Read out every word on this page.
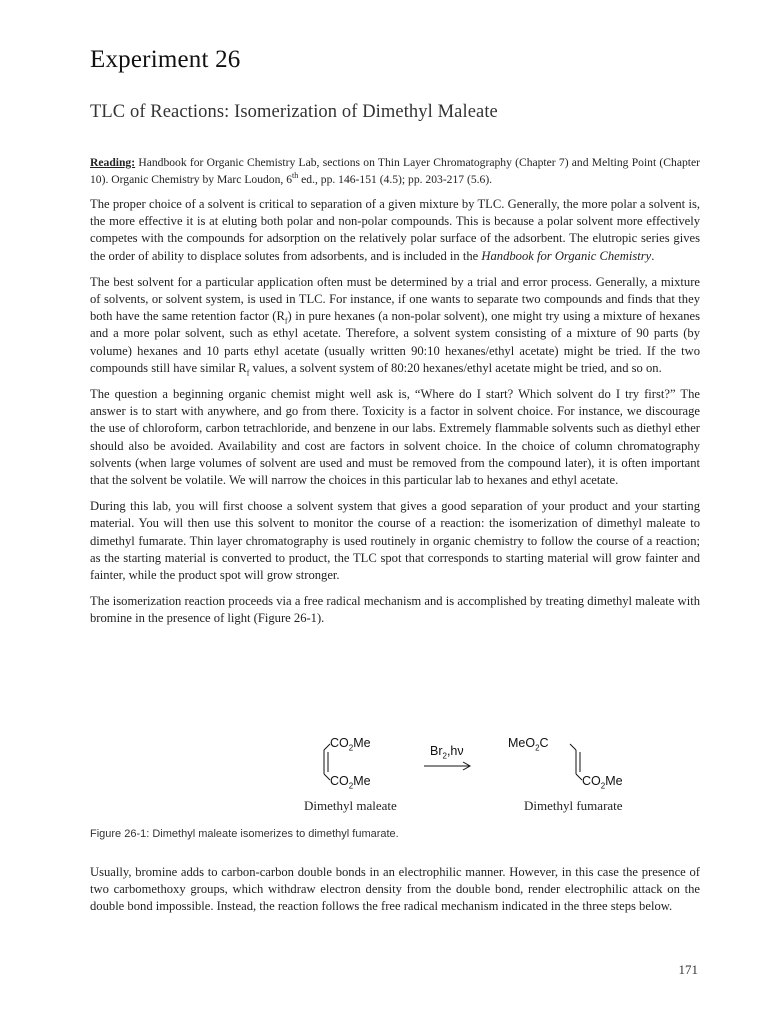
Experiment 26
TLC of Reactions: Isomerization of Dimethyl Maleate

Reading: Handbook for Organic Chemistry Lab, sections on Thin Layer Chromatography (Chapter 7) and Melting Point (Chapter 10). Organic Chemistry by Marc Loudon, 6th ed., pp. 146-151 (4.5); pp. 203-217 (5.6).

The proper choice of a solvent is critical to separation of a given mixture by TLC. Generally, the more polar a solvent is, the more effective it is at eluting both polar and non-polar compounds. This is because a polar solvent more effectively competes with the compounds for adsorption on the relatively polar surface of the adsorbent. The elutropic series gives the order of ability to displace solutes from adsorbents, and is included in the Handbook for Organic Chemistry.

The best solvent for a particular application often must be determined by a trial and error process. Generally, a mixture of solvents, or solvent system, is used in TLC. For instance, if one wants to separate two compounds and finds that they both have the same retention factor $(R_f)$ in pure hexanes (a non-polar solvent), one might try using a mixture of hexanes and a more polar solvent, such as ethyl acetate. Therefore, a solvent system consisting of a mixture of 90 parts (by volume) hexanes and 10 parts ethyl acetate (usually written 90:10 hexanes/ethyl acetate) might be tried. If the two compounds still have similar $R_f$ values, a solvent system of 80:20 hexanes/ethyl acetate might be tried, and so on.

The question a beginning organic chemist might well ask is, “Where do I start? Which solvent do I try first?” The answer is to start with anywhere, and go from there. Toxicity is a factor in solvent choice. For instance, we discourage the use of chloroform, carbon tetrachloride, and benzene in our labs. Extremely flammable solvents such as diethyl ether should also be avoided. Availability and cost are factors in solvent choice. In the choice of column chromatography solvents (when large volumes of solvent are used and must be removed from the compound later), it is often important that the solvent be volatile. We will narrow the choices in this particular lab to hexanes and ethyl acetate.

During this lab, you will first choose a solvent system that gives a good separation of your product and your starting material. You will then use this solvent to monitor the course of a reaction: the isomerization of dimethyl maleate to dimethyl fumarate. Thin layer chromatography is used routinely in organic chemistry to follow the course of a reaction; as the starting material is converted to product, the TLC spot that corresponds to starting material will grow fainter and fainter, while the product spot will grow stronger.

The isomerization reaction proceeds via a free radical mechanism and is accomplished by treating dimethyl maleate with bromine in the presence of light (Figure 26-1).

$CO_2Me$
$CO_2Me$
$Br_2,h\nu$
MeO$_2$C
$CO_2Me$
Dimethyl maleate	Dimethyl fumarate

Figure 26-1: Dimethyl maleate isomerizes to dimethyl fumarate.

Usually, bromine adds to carbon-carbon double bonds in an electrophilic manner. However, in this case the presence of two carbomethoxy groups, which withdraw electron density from the double bond, render electrophilic attack on the double bond impossible. Instead, the reaction follows the free radical mechanism indicated in the three steps below.

171
